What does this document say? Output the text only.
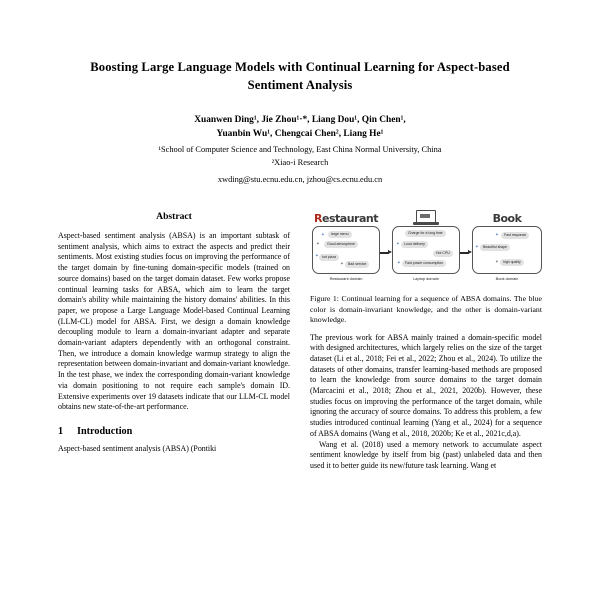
Boosting Large Language Models with Continual Learning for Aspect-based Sentiment Analysis
Xuanwen Ding¹, Jie Zhou¹·*, Liang Dou¹, Qin Chen¹,
Yuanbin Wu¹, Chengcai Chen², Liang He¹
¹School of Computer Science and Technology, East China Normal University, China
²Xiao-i Research
xwding@stu.ecnu.edu.cn, jzhou@cs.ecnu.edu.cn
Abstract

Aspect-based sentiment analysis (ABSA) is an important subtask of sentiment analysis, which aims to extract the aspects and predict their sentiments. Most existing studies focus on improving the performance of the target domain by fine-tuning domain-specific models (trained on source domains) based on the target domain dataset. Few works propose continual learning tasks for ABSA, which aim to learn the target domain's ability while maintaining the history domains' abilities. In this paper, we propose a Large Language Model-based Continual Learning (LLM-CL) model for ABSA. First, we design a domain knowledge decoupling module to learn a domain-invariant adapter and separate domain-variant adapters dependently with an orthogonal constraint. Then, we introduce a domain knowledge warmup strategy to align the representation between domain-invariant and domain-variant knowledge. In the test phase, we index the corresponding domain-variant knowledge via domain positioning to not require each sample's domain ID. Extensive experiments over 19 datasets indicate that our LLM-CL model obtains new state-of-the-art performance.

1 Introduction

Aspect-based sentiment analysis (ABSA) (Pontiki

Restaurant
✦	large menu
✦	Good atmosphere
✦ hot pizza
✦	Bad service
Restaurant domain
Charge for a long time
✦	Loud delivery
Hot CPU
✦	Fast power consumption
Laptop domain
Book
✦	Fast response
✦	Beautiful shape
✦	high quality
Book domain

Figure 1: Continual learning for a sequence of ABSA domains. The blue color is domain-invariant knowledge, and the other is domain-variant knowledge.

The previous work for ABSA mainly trained a domain-specific model with designed architectures, which largely relies on the size of the target dataset (Li et al., 2018; Fei et al., 2022; Zhou et al., 2024). To utilize the datasets of other domains, transfer learning-based methods are proposed to learn the knowledge from source domains to the target domain (Marcacini et al., 2018; Zhou et al., 2021, 2020b). However, these studies focus on improving the performance of the target domain, while ignoring the accuracy of source domains. To address this problem, a few studies introduced continual learning (Yang et al., 2024) for a sequence of ABSA domains (Wang et al., 2018, 2020b; Ke et al., 2021c,d,a).

Wang et al. (2018) used a memory network to accumulate aspect sentiment knowledge by itself from big (past) unlabeled data and then used it to better guide its new/future task learning. Wang et
